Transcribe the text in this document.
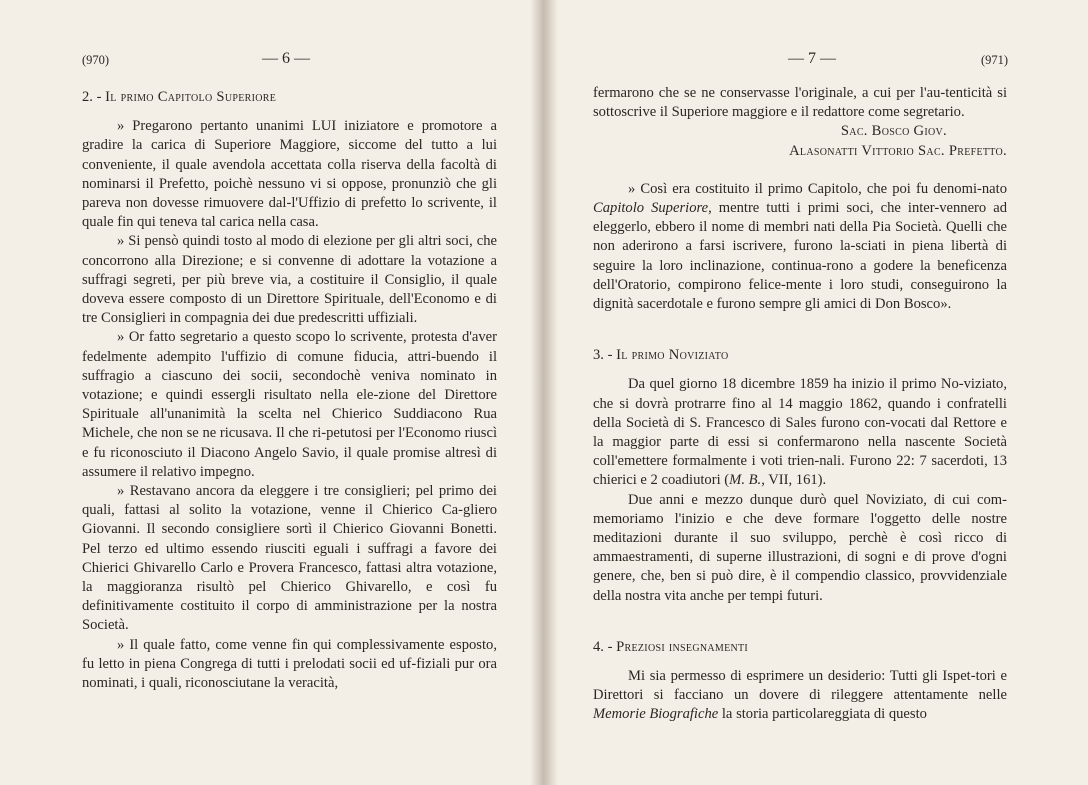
(970)	— 6 —

2. - Il primo Capitolo Superiore

» Pregarono pertanto unanimi LUI iniziatore e promotore a gradire la carica di Superiore Maggiore, siccome del tutto a lui conveniente, il quale avendola accettata colla riserva della facoltà di nominarsi il Prefetto, poichè nessuno vi si oppose, pronunziò che gli pareva non dovesse rimuovere dal-l'Uffizio di prefetto lo scrivente, il quale fin qui teneva tal carica nella casa.

» Si pensò quindi tosto al modo di elezione per gli altri soci, che concorrono alla Direzione; e si convenne di adottare la votazione a suffragi segreti, per più breve via, a costituire il Consiglio, il quale doveva essere composto di un Direttore Spirituale, dell'Economo e di tre Consiglieri in compagnia dei due predescritti uffiziali.

» Or fatto segretario a questo scopo lo scrivente, protesta d'aver fedelmente adempito l'uffizio di comune fiducia, attri-buendo il suffragio a ciascuno dei socii, secondochè veniva nominato in votazione; e quindi essergli risultato nella ele-zione del Direttore Spirituale all'unanimità la scelta nel Chierico Suddiacono Rua Michele, che non se ne ricusava. Il che ri-petutosi per l'Economo riuscì e fu riconosciuto il Diacono Angelo Savio, il quale promise altresì di assumere il relativo impegno.

» Restavano ancora da eleggere i tre consiglieri; pel primo dei quali, fattasi al solito la votazione, venne il Chierico Ca-gliero Giovanni. Il secondo consigliere sortì il Chierico Giovanni Bonetti. Pel terzo ed ultimo essendo riusciti eguali i suffragi a favore dei Chierici Ghivarello Carlo e Provera Francesco, fattasi altra votazione, la maggioranza risultò pel Chierico Ghivarello, e così fu definitivamente costituito il corpo di amministrazione per la nostra Società.

» Il quale fatto, come venne fin qui complessivamente esposto, fu letto in piena Congrega di tutti i prelodati socii ed uf-fiziali pur ora nominati, i quali, riconosciutane la veracità,

— 7 —	(971)

fermarono che se ne conservasse l'originale, a cui per l'au-tenticità si sottoscrive il Superiore maggiore e il redattore come segretario.

Sac. Bosco Giov.

Alasonatti Vittorio Sac. Prefetto.

» Così era costituito il primo Capitolo, che poi fu denomi-nato Capitolo Superiore, mentre tutti i primi soci, che inter-vennero ad eleggerlo, ebbero il nome di membri nati della Pia Società. Quelli che non aderirono a farsi iscrivere, furono la-sciati in piena libertà di seguire la loro inclinazione, continua-rono a godere la beneficenza dell'Oratorio, compirono felice-mente i loro studi, conseguirono la dignità sacerdotale e furono sempre gli amici di Don Bosco».

3. - Il primo Noviziato

Da quel giorno 18 dicembre 1859 ha inizio il primo No-viziato, che si dovrà protrarre fino al 14 maggio 1862, quando i confratelli della Società di S. Francesco di Sales furono con-vocati dal Rettore e la maggior parte di essi si confermarono nella nascente Società coll'emettere formalmente i voti trien-nali. Furono 22: 7 sacerdoti, 13 chierici e 2 coadiutori (M. B., VII, 161).

Due anni e mezzo dunque durò quel Noviziato, di cui com-memoriamo l'inizio e che deve formare l'oggetto delle nostre meditazioni durante il suo sviluppo, perchè è così ricco di ammaestramenti, di superne illustrazioni, di sogni e di prove d'ogni genere, che, ben si può dire, è il compendio classico, provvidenziale della nostra vita anche per tempi futuri.

4. - Preziosi insegnamenti

Mi sia permesso di esprimere un desiderio: Tutti gli Ispet-tori e Direttori si facciano un dovere di rileggere attentamente nelle Memorie Biografiche la storia particolareggiata di questo
